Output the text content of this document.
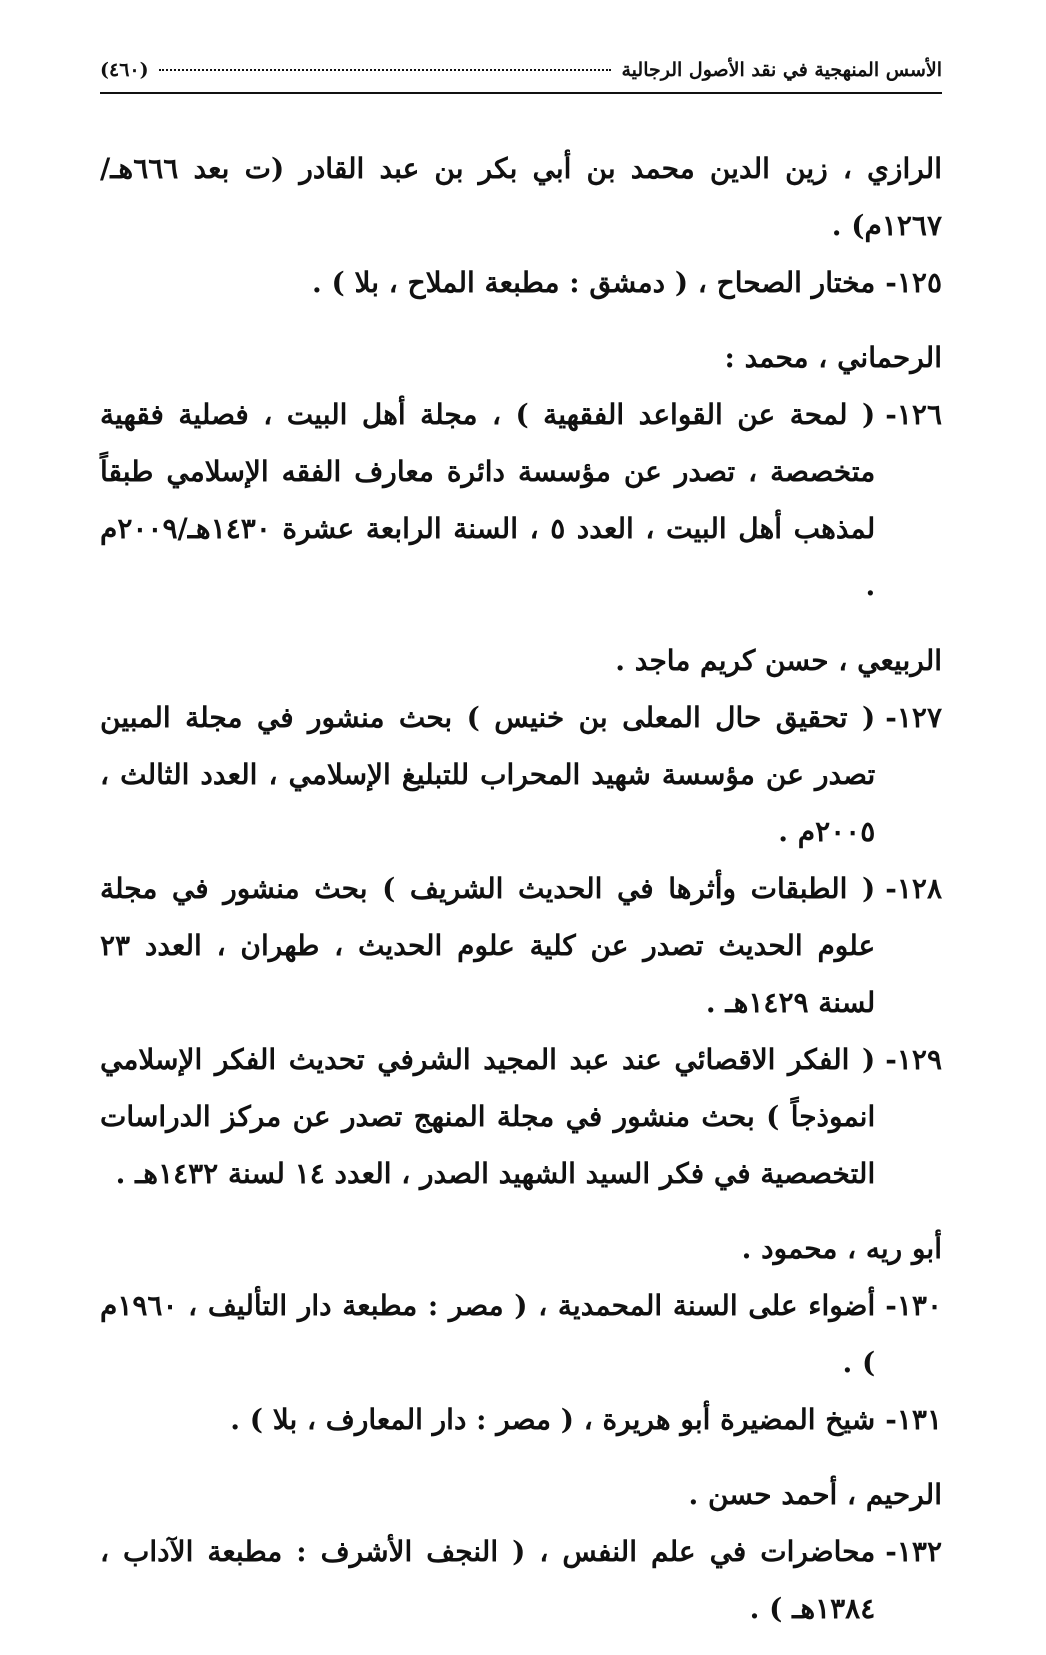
الأسس المنهجية في نقد الأصول الرجالية
(٤٦٠)
الرازي ، زين الدين محمد بن أبي بكر بن عبد القادر (ت بعد ٦٦٦هـ/١٢٦٧م) .
١٢٥-
مختار الصحاح ، ( دمشق : مطبعة الملاح ، بلا ) .
الرحماني ، محمد :
١٢٦-
( لمحة عن القواعد الفقهية ) ، مجلة أهل البيت ، فصلية فقهية متخصصة ، تصدر عن مؤسسة دائرة معارف الفقه الإسلامي طبقاً لمذهب أهل البيت ، العدد ٥ ، السنة الرابعة عشرة ١٤٣٠هـ/٢٠٠٩م .
الربيعي ، حسن كريم ماجد .
١٢٧-
( تحقيق حال المعلى بن خنيس ) بحث منشور في مجلة المبين تصدر عن مؤسسة شهيد المحراب للتبليغ الإسلامي ، العدد الثالث ، ٢٠٠٥م .
١٢٨-
( الطبقات وأثرها في الحديث الشريف ) بحث منشور في مجلة علوم الحديث تصدر عن كلية علوم الحديث ، طهران ، العدد ٢٣ لسنة ١٤٢٩هـ .
١٢٩-
( الفكر الاقصائي عند عبد المجيد الشرفي تحديث الفكر الإسلامي انموذجاً ) بحث منشور في مجلة المنهج تصدر عن مركز الدراسات التخصصية في فكر السيد الشهيد الصدر ، العدد ١٤ لسنة ١٤٣٢هـ .
أبو ريه ، محمود .
١٣٠-
أضواء على السنة المحمدية ، ( مصر : مطبعة دار التأليف ، ١٩٦٠م ) .
١٣١-
شيخ المضيرة أبو هريرة ، ( مصر : دار المعارف ، بلا ) .
الرحيم ، أحمد حسن .
١٣٢-
محاضرات في علم النفس ، ( النجف الأشرف : مطبعة الآداب ، ١٣٨٤هـ ) .
